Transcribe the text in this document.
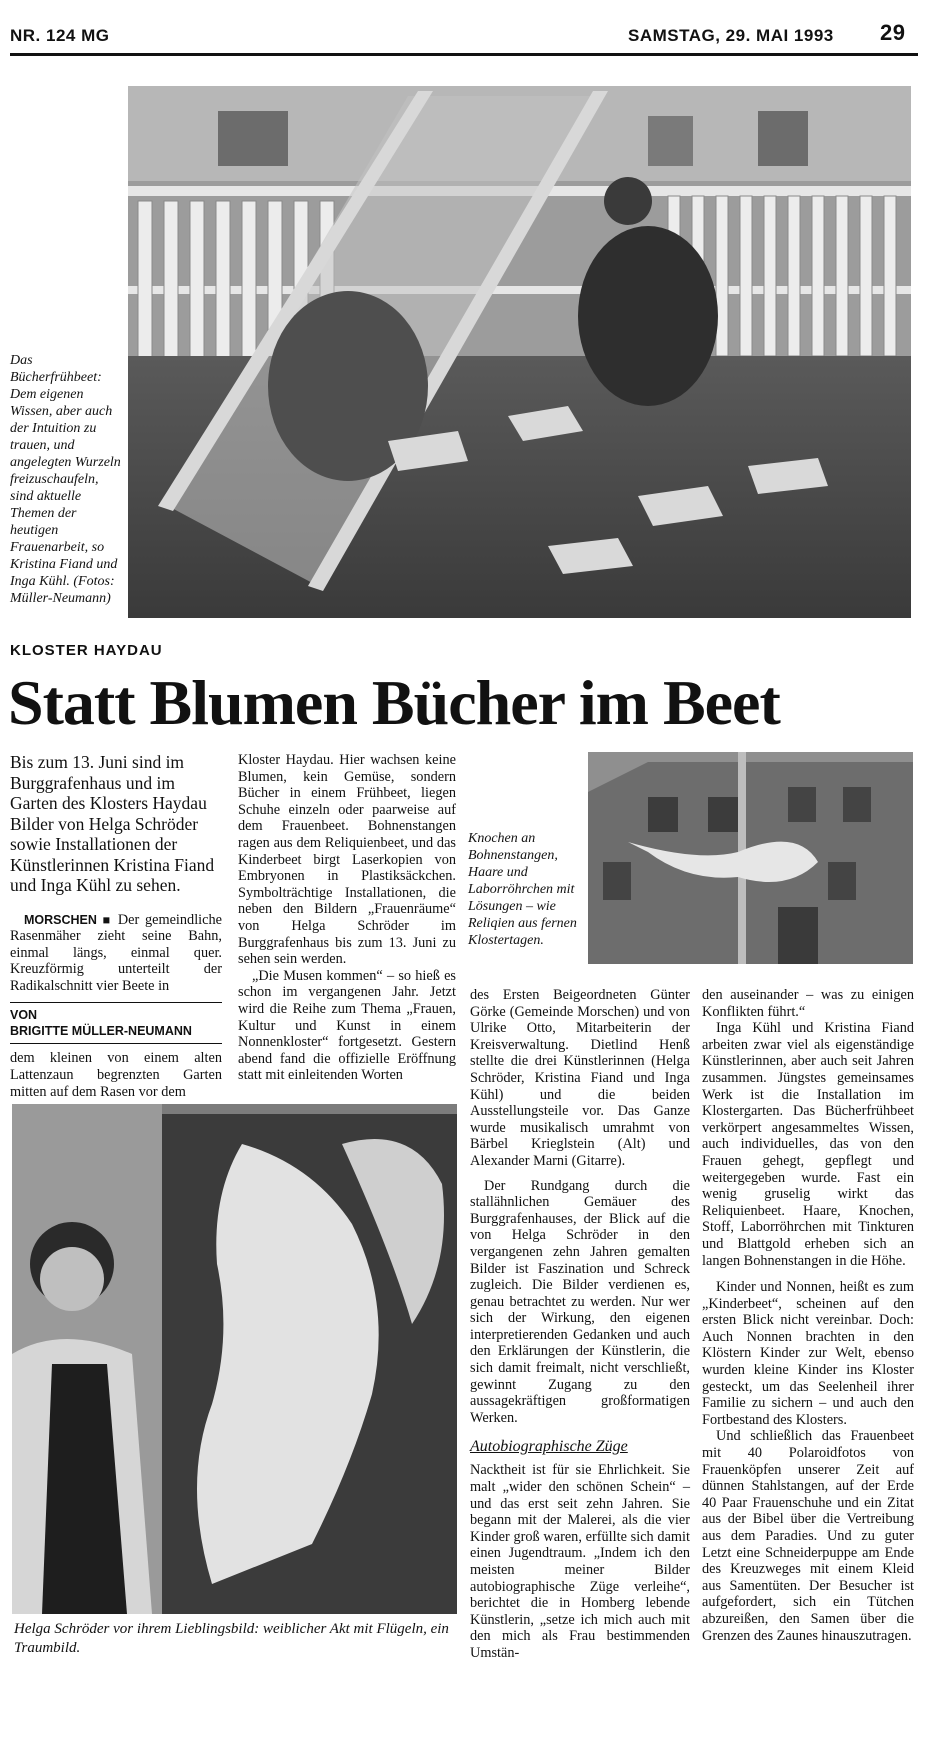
NR. 124 MG	SAMSTAG, 29. MAI 1993 29
Das Bücherfrühbeet: Dem eigenen Wissen, aber auch der Intuition zu trauen, und angelegten Wurzeln freizuschaufeln, sind aktuelle Themen der heutigen Frauenarbeit, so Kristina Fiand und Inga Kühl. (Fotos: Müller-Neumann)
KLOSTER HAYDAU
Statt Blumen Bücher im Beet

Bis zum 13. Juni sind im Burggrafenhaus und im Garten des Klosters Haydau Bilder von Helga Schröder sowie Installationen der Künstlerinnen Kristina Fiand und Inga Kühl zu sehen.

MORSCHEN ■ Der gemeindliche Rasenmäher zieht seine Bahn, einmal längs, einmal quer. Kreuzförmig unterteilt der Radikalschnitt vier Beete in

VON
BRIGITTE MÜLLER-NEUMANN

dem kleinen von einem alten Lattenzaun begrenzten Garten mitten auf dem Rasen vor dem

Kloster Haydau. Hier wachsen keine Blumen, kein Gemüse, sondern Bücher in einem Frühbeet, liegen Schuhe einzeln oder paarweise auf dem Frauenbeet. Bohnenstangen ragen aus dem Reliquienbeet, und das Kinderbeet birgt Laserkopien von Embryonen in Plastiksäckchen. Symbolträchtige Installationen, die neben den Bildern „Frauenräume“ von Helga Schröder im Burggrafenhaus bis zum 13. Juni zu sehen sein werden.

„Die Musen kommen“ – so hieß es schon im vergangenen Jahr. Jetzt wird die Reihe zum Thema „Frauen, Kultur und Kunst in einem Nonnenkloster“ fortgesetzt. Gestern abend fand die offizielle Eröffnung statt mit einleitenden Worten

Knochen an Bohnenstangen, Haare und Laborröhrchen mit Lösungen – wie Reliqien aus fernen Klostertagen.

des Ersten Beigeordneten Günter Görke (Gemeinde Morschen) und von Ulrike Otto, Mitarbeiterin der Kreisverwaltung. Dietlind Henß stellte die drei Künstlerinnen (Helga Schröder, Kristina Fiand und Inga Kühl) und die beiden Ausstellungsteile vor. Das Ganze wurde musikalisch umrahmt von Bärbel Krieglstein (Alt) und Alexander Marni (Gitarre).

Der Rundgang durch die stallähnlichen Gemäuer des Burggrafenhauses, der Blick auf die von Helga Schröder in den vergangenen zehn Jahren gemalten Bilder ist Faszination und Schreck zugleich. Die Bilder verdienen es, genau betrachtet zu werden. Nur wer sich der Wirkung, den eigenen interpretierenden Gedanken und auch den Erklärungen der Künstlerin, die sich damit freimalt, nicht verschließt, gewinnt Zugang zu den aussagekräftigen großformatigen Werken.

Autobiographische Züge

Nacktheit ist für sie Ehrlichkeit. Sie malt „wider den schönen Schein“ – und das erst seit zehn Jahren. Sie begann mit der Malerei, als die vier Kinder groß waren, erfüllte sich damit einen Jugendtraum. „Indem ich den meisten meiner Bilder autobiographische Züge verleihe“, berichtet die in Homberg lebende Künstlerin, „setze ich mich auch mit den mich als Frau bestimmenden Umstän-

den auseinander – was zu einigen Konflikten führt.“

Inga Kühl und Kristina Fiand arbeiten zwar viel als eigenständige Künstlerinnen, aber auch seit Jahren zusammen. Jüngstes gemeinsames Werk ist die Installation im Klostergarten. Das Bücherfrühbeet verkörpert angesammeltes Wissen, auch individuelles, das von den Frauen gehegt, gepflegt und weitergegeben wurde. Fast ein wenig gruselig wirkt das Reliquienbeet. Haare, Knochen, Stoff, Laborröhrchen mit Tinkturen und Blattgold erheben sich an langen Bohnenstangen in die Höhe.

Kinder und Nonnen, heißt es zum „Kinderbeet“, scheinen auf den ersten Blick nicht vereinbar. Doch: Auch Nonnen brachten in den Klöstern Kinder zur Welt, ebenso wurden kleine Kinder ins Kloster gesteckt, um das Seelenheil ihrer Familie zu sichern – und auch den Fortbestand des Klosters.

Und schließlich das Frauenbeet mit 40 Polaroidfotos von Frauenköpfen unserer Zeit auf dünnen Stahlstangen, auf der Erde 40 Paar Frauenschuhe und ein Zitat aus der Bibel über die Vertreibung aus dem Paradies. Und zu guter Letzt eine Schneiderpuppe am Ende des Kreuzweges mit einem Kleid aus Samentüten. Der Besucher ist aufgefordert, sich ein Tütchen abzureißen, den Samen über die Grenzen des Zaunes hinauszutragen.

Helga Schröder vor ihrem Lieblingsbild: weiblicher Akt mit Flügeln, ein Traumbild.
